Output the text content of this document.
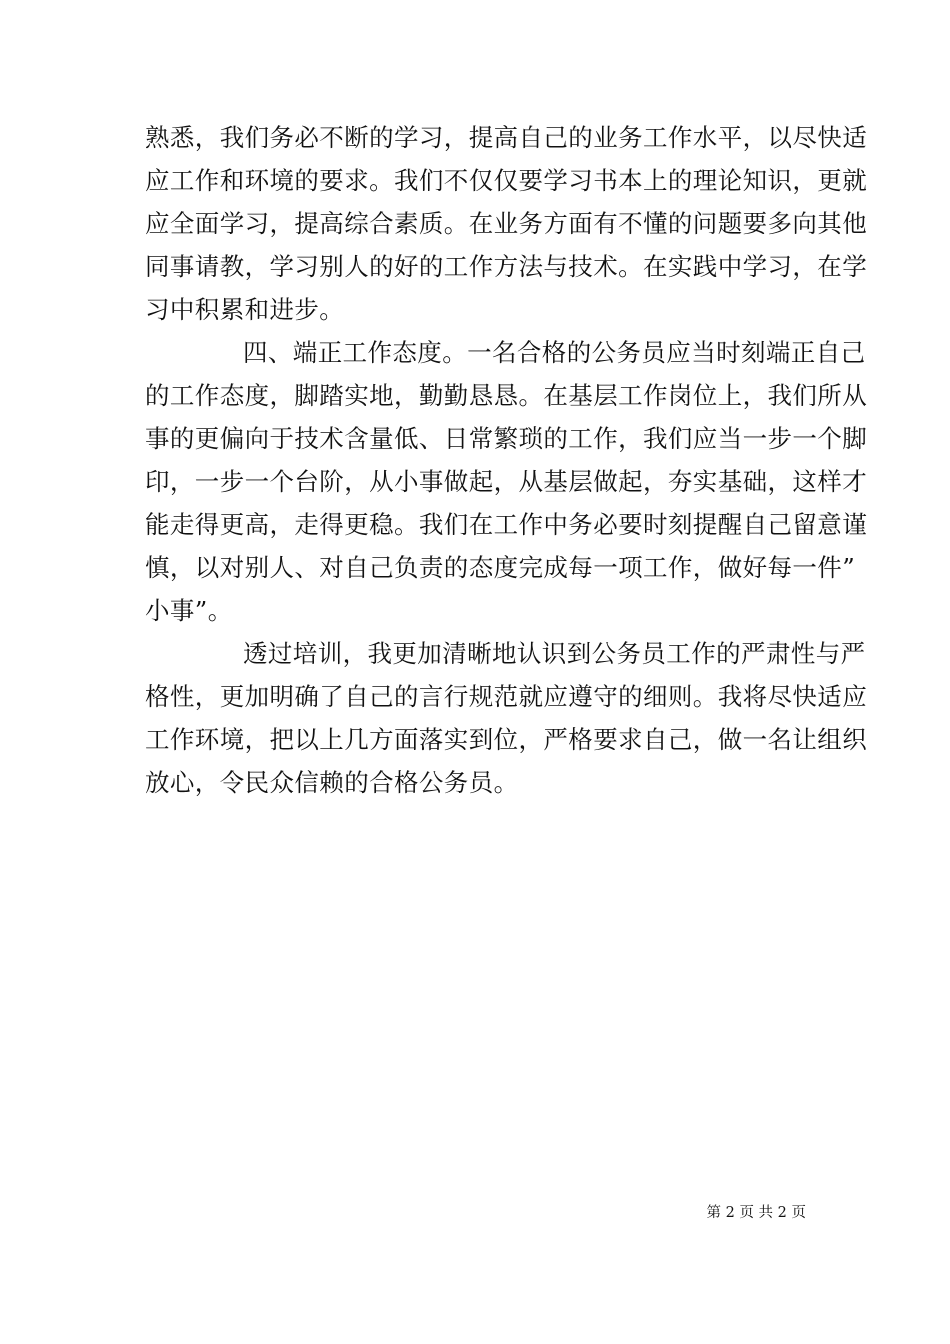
熟悉，我们务必不断的学习，提高自己的业务工作水平，以尽快适
应工作和环境的要求。我们不仅仅要学习书本上的理论知识，更就
应全面学习，提高综合素质。在业务方面有不懂的问题要多向其他
同事请教，学习别人的好的工作方法与技术。在实践中学习，在学
习中积累和进步。
四、端正工作态度。一名合格的公务员应当时刻端正自己
的工作态度，脚踏实地，勤勤恳恳。在基层工作岗位上，我们所从
事的更偏向于技术含量低、日常繁琐的工作，我们应当一步一个脚
印，一步一个台阶，从小事做起，从基层做起，夯实基础，这样才
能走得更高，走得更稳。我们在工作中务必要时刻提醒自己留意谨
慎，以对别人、对自己负责的态度完成每一项工作，做好每一件”
小事”。
透过培训，我更加清晰地认识到公务员工作的严肃性与严
格性，更加明确了自己的言行规范就应遵守的细则。我将尽快适应
工作环境，把以上几方面落实到位，严格要求自己，做一名让组织
放心，令民众信赖的合格公务员。
第 2 页 共 2 页
